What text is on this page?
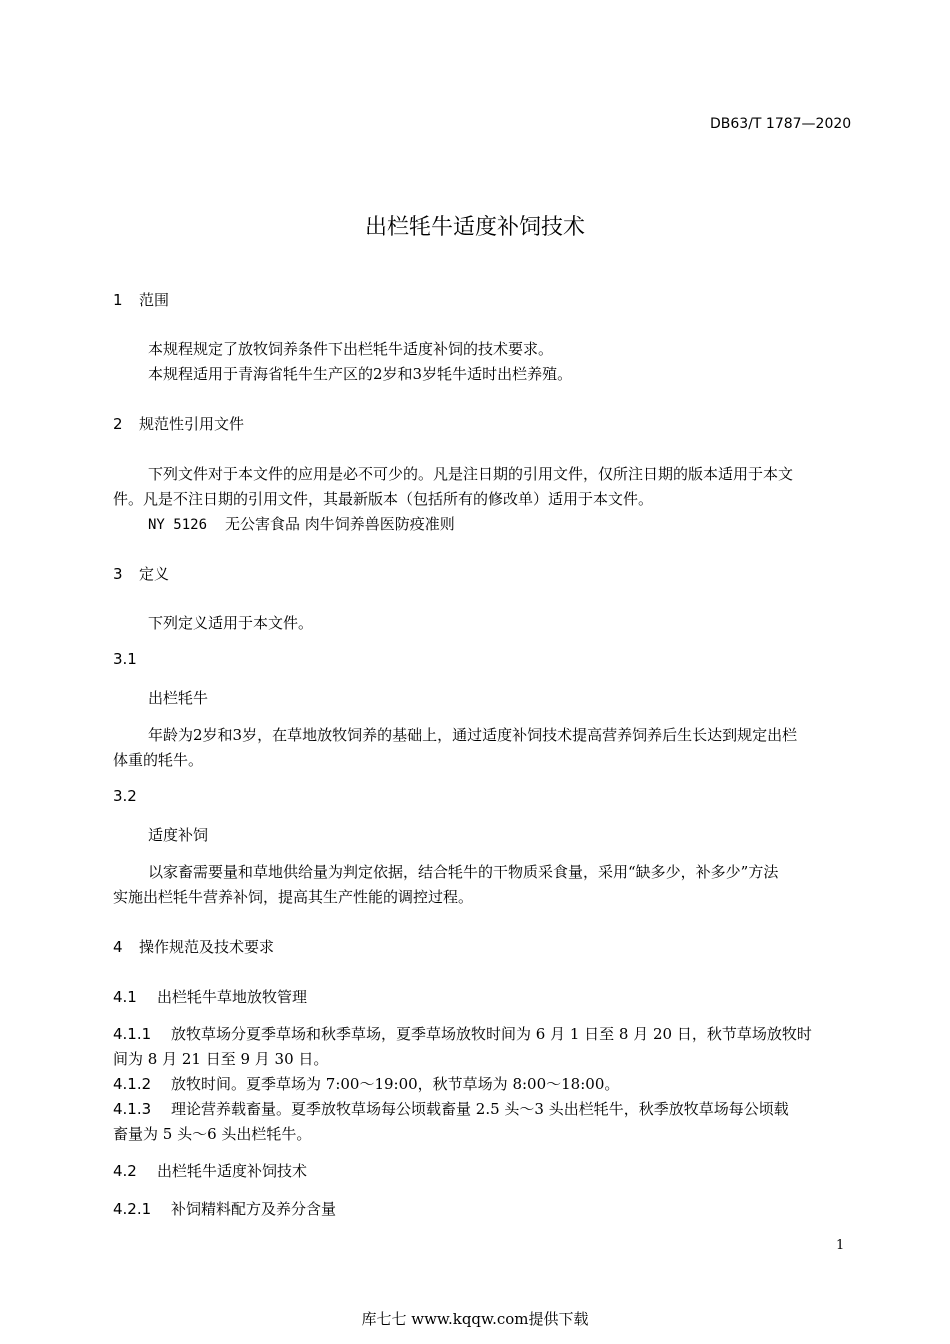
DB63/T 1787—2020
出栏牦牛适度补饲技术
1 范围
本规程规定了放牧饲养条件下出栏牦牛适度补饲的技术要求。
本规程适用于青海省牦牛生产区的2岁和3岁牦牛适时出栏养殖。
2 规范性引用文件
下列文件对于本文件的应用是必不可少的。凡是注日期的引用文件，仅所注日期的版本适用于本文
件。凡是不注日期的引用文件，其最新版本（包括所有的修改单）适用于本文件。
NY 5126 无公害食品 肉牛饲养兽医防疫准则
3 定义
下列定义适用于本文件。
3.1
出栏牦牛
年龄为2岁和3岁，在草地放牧饲养的基础上，通过适度补饲技术提高营养饲养后生长达到规定出栏
体重的牦牛。
3.2
适度补饲
以家畜需要量和草地供给量为判定依据，结合牦牛的干物质采食量，采用“缺多少，补多少”方法
实施出栏牦牛营养补饲，提高其生产性能的调控过程。
4 操作规范及技术要求
4.1 出栏牦牛草地放牧管理
4.1.1 放牧草场分夏季草场和秋季草场，夏季草场放牧时间为 6 月 1 日至 8 月 20 日，秋节草场放牧时
间为 8 月 21 日至 9 月 30 日。
4.1.2 放牧时间。夏季草场为 7:00～19:00，秋节草场为 8:00～18:00。
4.1.3 理论营养载畜量。夏季放牧草场每公顷载畜量 2.5 头～3 头出栏牦牛，秋季放牧草场每公顷载
畜量为 5 头～6 头出栏牦牛。
4.2 出栏牦牛适度补饲技术
4.2.1 补饲精料配方及养分含量
1
库七七 www.kqqw.com提供下载
